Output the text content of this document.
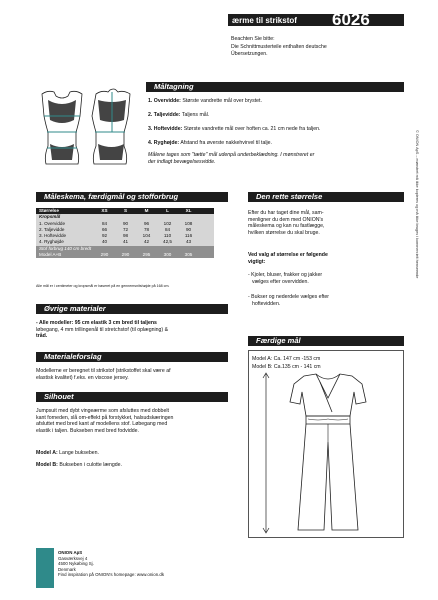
ærme til strikstof 6026
Beachten Sie bitte:
Die Schnittmusterteile enthalten deutsche
Übersetzungen.
Måltagning
1. Overvidde: Største vandrette mål over brystet.
2. Taljevidde: Taljens mål.
3. Hoftevidde: Største vandrette mål over hoften ca. 21 cm nede fra taljen.
4. Ryghøjde: Afstand fra øverste nakkehvirvel til talje.
Målene tages som "tætte" mål udenpå underbeklædning. I mønstreret er
der indlagt bevægelsesvidde.
Måleskema, færdigmål og stofforbrug
Størrelse	XS	S	M	L	XL
Kropsmål
1. Overvidde	84	90	96	102	108
2. Taljevidde	66	72	78	84	90
3. Hoftevidde	92	98	104	110	116
4. Ryghøjde	40	41	42	42,5	43
Stof forbrug 140 cm bredt
Model A+B	290	290	295	300	305
Alle mål er i centimeter og kropsmål er baseret på en gennemsnitshøjde på 168 cm.
Den rette størrelse
Efter du har taget dine mål, sam-
menligner du dem med ONION's
måleskema og kan nu fastlægge,
hvilken størrelse du skal bruge.
Ved valg af størrelse er følgende
vigtigt:
- Kjoler, bluser, frakker og jakker
vælges efter overvidden.
- Bukser og nederdele vælges efter
hoftevidden.
Øvrige materialer
- Alle modeller: 95 cm elastik 3 cm bred til taljens
løbegang, 4 mm trillingenål til stretchstof (til oplægning) &
tråd.
Materialeforslag
Modellerne er beregnet til strikstof (strikstoffet skal være af
elastisk kvalitet) f.eks. en viscose jersey.
Silhouet
Jumpsuit med dybt vingeærme som afsluttes med dobbelt
kant forneden, slå om-effekt på forstykket, halsudskæringen
afsluttet med bred kant af modellens stof. Løbegang med
elastik i taljen. Bukseben med bred fodvidde.
Model A: Lange bukseben.
Model B: Bukseben i culotte længde.
Færdige mål
Model A: Ca. 147 cm -153 cm
Model B: Ca.135 cm - 141 cm
ONION ApS
Gasværksvej 4
4500 Nykøbing Sj.
Denmark
Find inspiration på ONION's homepage: www.onion.dk
© ONION ApS – mønstret må ikke kopieres og må ikke bruges i kommercielt henseende
